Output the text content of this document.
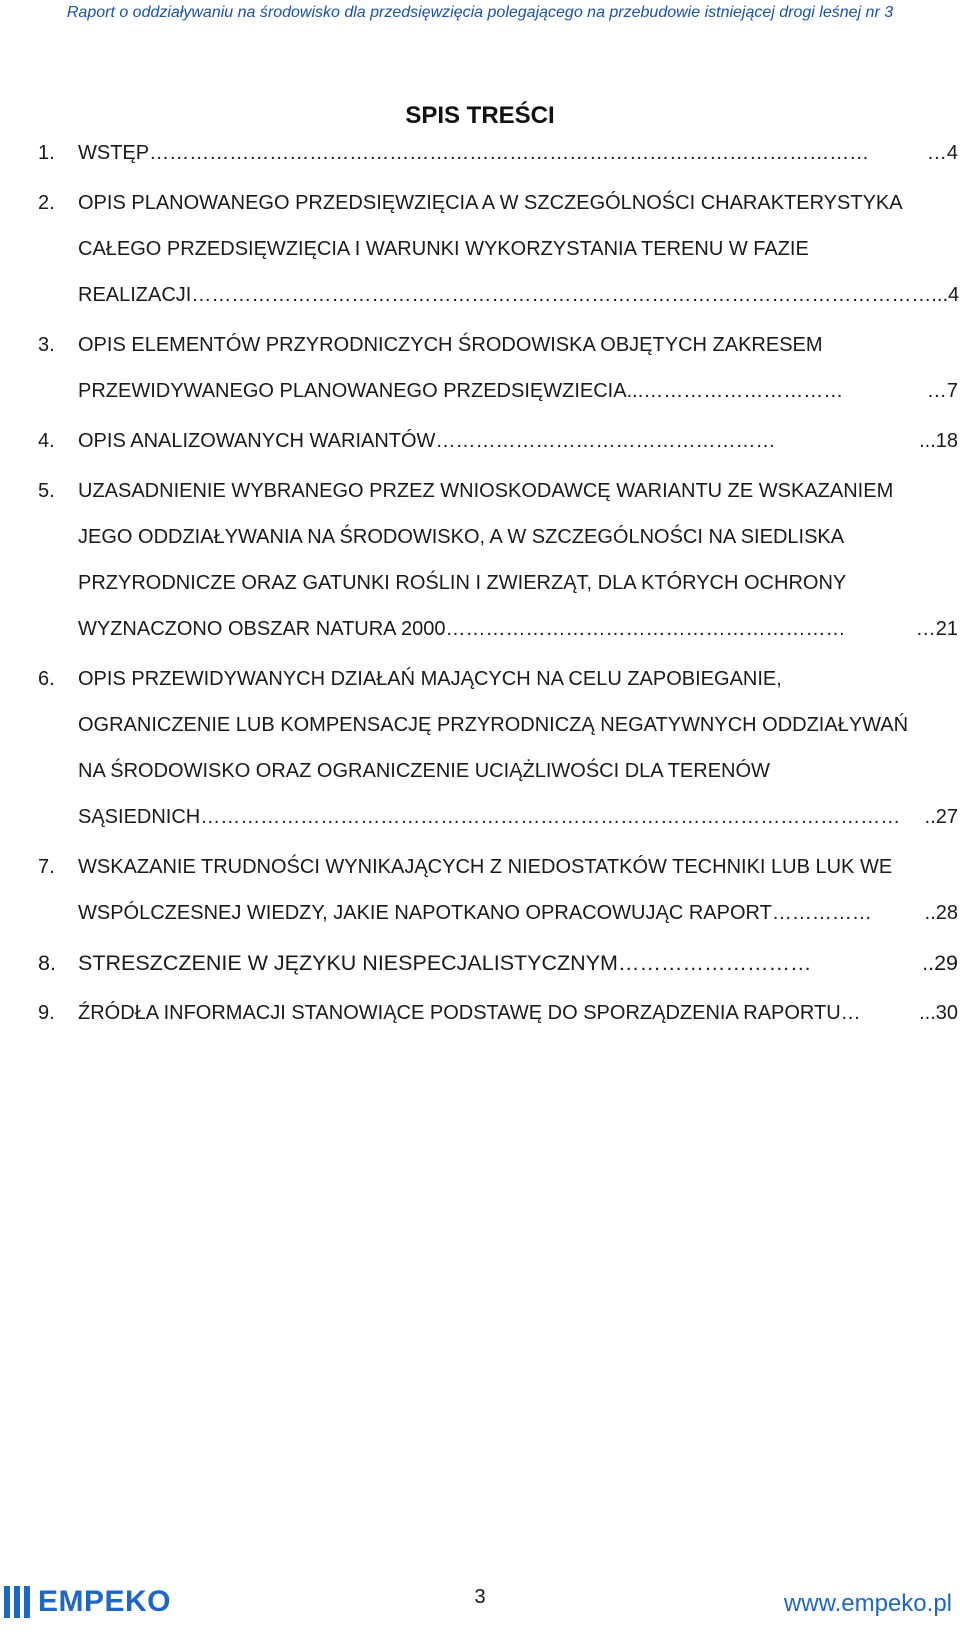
Raport o oddziaływaniu na środowisko dla przedsięwzięcia polegającego na przebudowie istniejącej drogi leśnej nr 3
SPIS TREŚCI
1.	WSTĘP ………………………………………………………………………………………………	…4
2.	OPIS PLANOWANEGO PRZEDSIĘWZIĘCIA A W SZCZEGÓLNOŚCI CHARAKTERYSTYKA
CAŁEGO PRZEDSIĘWZIĘCIA I WARUNKI WYKORZYSTANIA TERENU W FAZIE
REALIZACJI ………………………………………………………………………………………………… ...4
3.	OPIS ELEMENTÓW PRZYRODNICZYCH ŚRODOWISKA OBJĘTYCH ZAKRESEM
PRZEWIDYWANEGO PLANOWANEGO PRZEDSIĘWZIECIA ...…………………………	…7
4.	OPIS ANALIZOWANYCH WARIANTÓW ……………………………………………	...18
5.	UZASADNIENIE WYBRANEGO PRZEZ WNIOSKODAWCĘ WARIANTU ZE WSKAZANIEM
JEGO ODDZIAŁYWANIA NA ŚRODOWISKO, A W SZCZEGÓLNOŚCI NA SIEDLISKA
PRZYRODNICZE ORAZ GATUNKI ROŚLIN I ZWIERZĄT, DLA KTÓRYCH OCHRONY
WYZNACZONO OBSZAR NATURA 2000 ……………………………………………………	…21
6.	OPIS PRZEWIDYWANYCH DZIAŁAŃ MAJĄCYCH NA CELU ZAPOBIEGANIE,
OGRANICZENIE LUB KOMPENSACJĘ PRZYRODNICZĄ NEGATYWNYCH ODDZIAŁYWAŃ
NA ŚRODOWISKO ORAZ OGRANICZENIE UCIĄŻLIWOŚCI DLA TERENÓW
SĄSIEDNICH ……………………………………………………………………………………………	..27
7.	WSKAZANIE TRUDNOŚCI WYNIKAJĄCYCH Z NIEDOSTATKÓW TECHNIKI LUB LUK WE
WSPÓLCZESNEJ WIEDZY, JAKIE NAPOTKANO OPRACOWUJĄC RAPORT ……………	..28
8.	STRESZCZENIE W JĘZYKU NIESPECJALISTYCZNYM ………………………	..29
9.	ŹRÓDŁA INFORMACJI STANOWIĄCE PODSTAWĘ DO SPORZĄDZENIA RAPORTU …	...30
EMPEKO	3	www.empeko.pl
